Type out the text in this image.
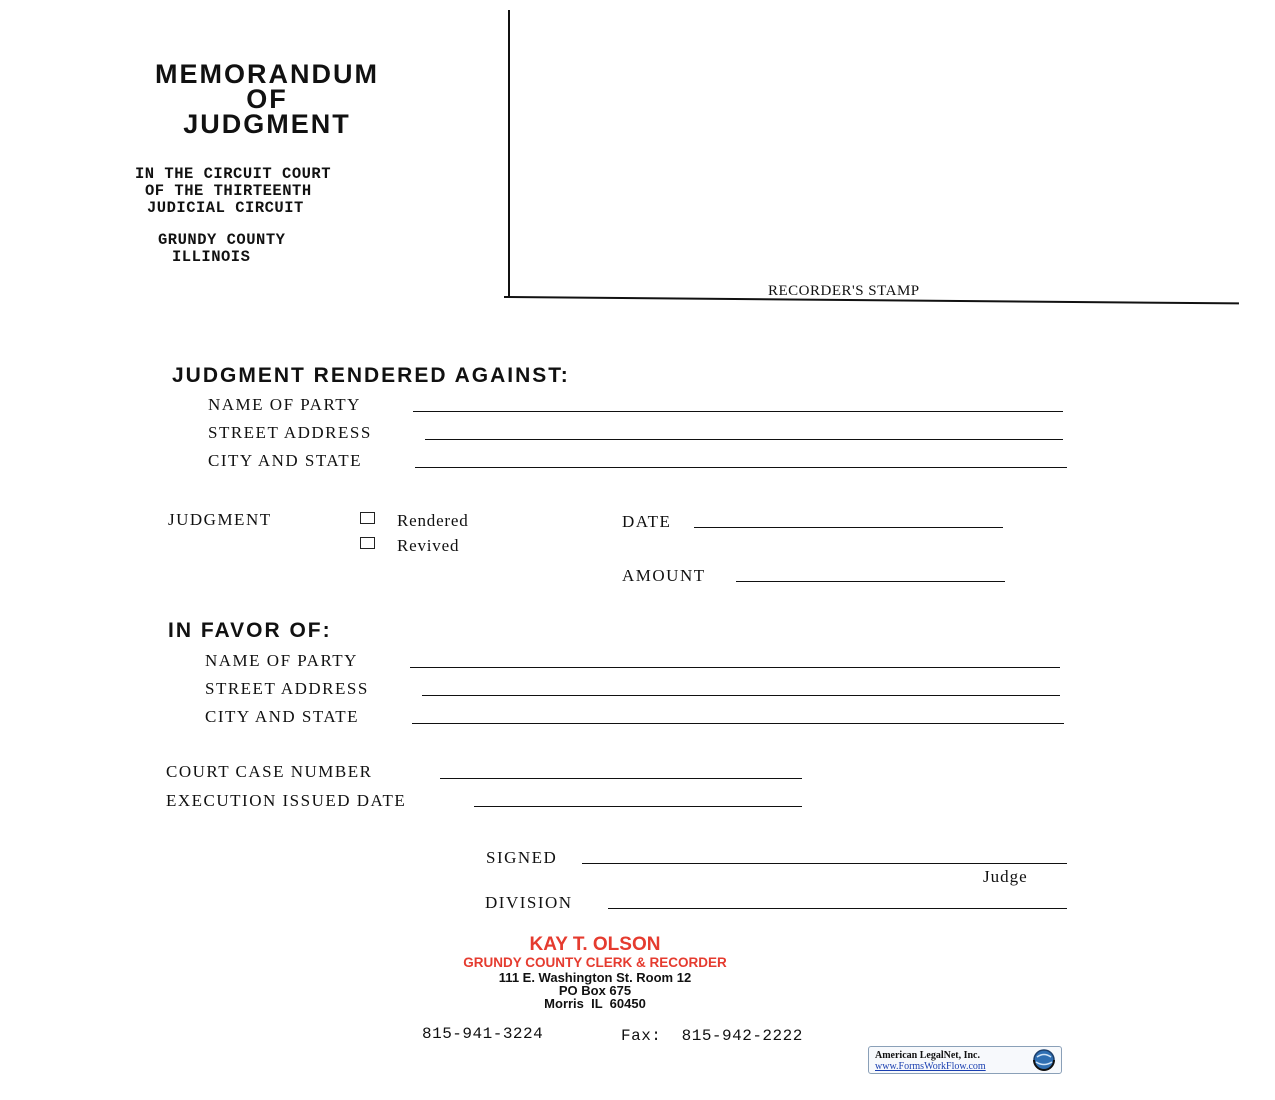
MEMORANDUM
OF
JUDGMENT
IN THE CIRCUIT COURT
OF THE THIRTEENTH
JUDICIAL CIRCUIT
GRUNDY COUNTY
ILLINOIS
RECORDER'S STAMP
JUDGMENT RENDERED AGAINST:
NAME OF PARTY
STREET ADDRESS
CITY AND STATE
JUDGMENT	Rendered
Revived
DATE
AMOUNT
IN FAVOR OF:
NAME OF PARTY
STREET ADDRESS
CITY AND STATE
COURT CASE NUMBER
EXECUTION ISSUED DATE
SIGNED
Judge
DIVISION
KAY T. OLSON
GRUNDY COUNTY CLERK & RECORDER
111 E. Washington St. Room 12
PO Box 675
Morris  IL  60450
815-941-3224	Fax:  815-942-2222
American LegalNet, Inc.
www.FormsWorkFlow.com
